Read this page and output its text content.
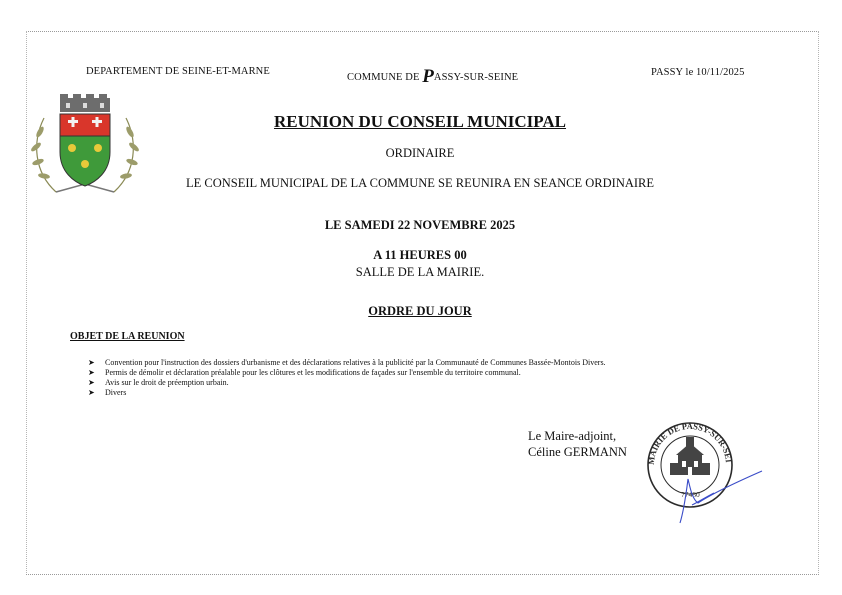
DEPARTEMENT DE SEINE-ET-MARNE
COMMUNE DE PASSY-SUR-SEINE	PASSY le 10/11/2025
REUNION DU CONSEIL MUNICIPAL
ORDINAIRE
LE CONSEIL MUNICIPAL DE LA COMMUNE SE REUNIRA EN SEANCE ORDINAIRE
LE SAMEDI 22 NOVEMBRE 2025
A 11 HEURES 00
SALLE DE LA MAIRIE.
ORDRE DU JOUR
OBJET DE LA REUNION
➤ Convention pour l'instruction des dossiers d'urbanisme et des déclarations relatives à la publicité par la Communauté de Communes Bassée-Montois Divers.
➤ Permis de démolir et déclaration préalable pour les clôtures et les modifications de façades sur l'ensemble du territoire communal.
➤ Avis sur le droit de préemption urbain.
➤ Divers
Le Maire-adjoint,
Céline GERMANN
MAIRIE DE PASSY-SUR-SEI
77480
